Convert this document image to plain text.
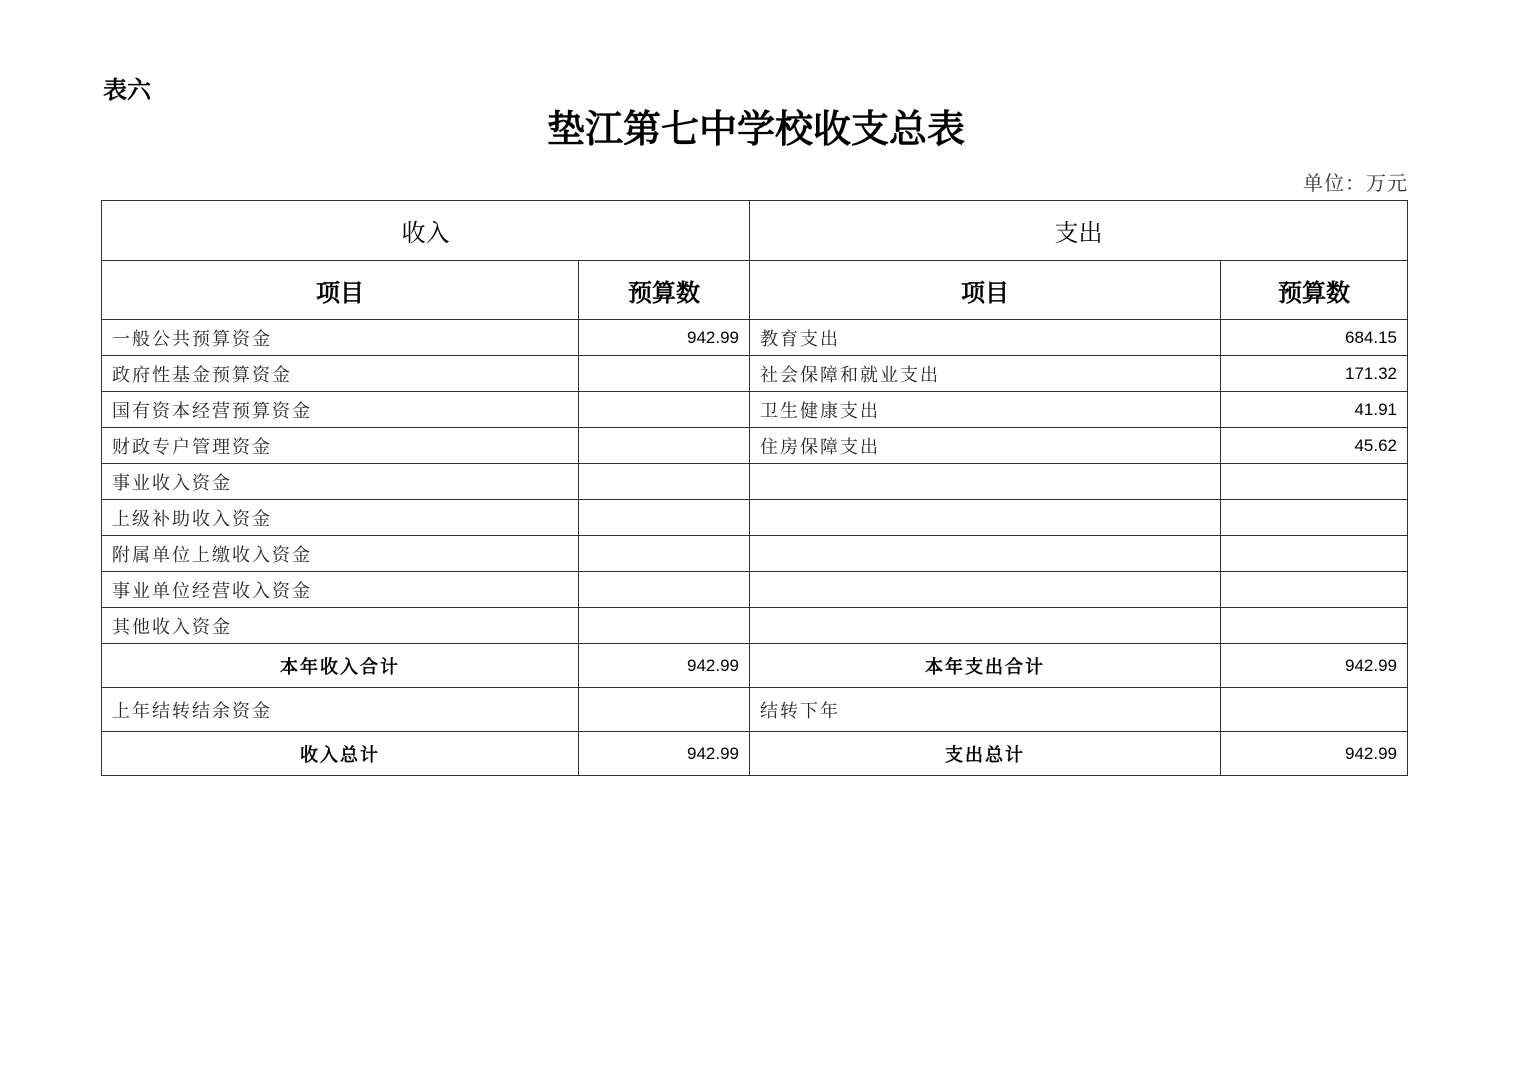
表六
垫江第七中学校收支总表
单位：万元
收入		支出	
项目	预算数	项目	预算数
一般公共预算资金	942.99	教育支出	684.15
政府性基金预算资金		社会保障和就业支出	171.32
国有资本经营预算资金		卫生健康支出	41.91
财政专户管理资金		住房保障支出	45.62
事业收入资金			
上级补助收入资金			
附属单位上缴收入资金			
事业单位经营收入资金			
其他收入资金			
本年收入合计	942.99	本年支出合计	942.99
上年结转结余资金		结转下年	
收入总计	942.99	支出总计	942.99
